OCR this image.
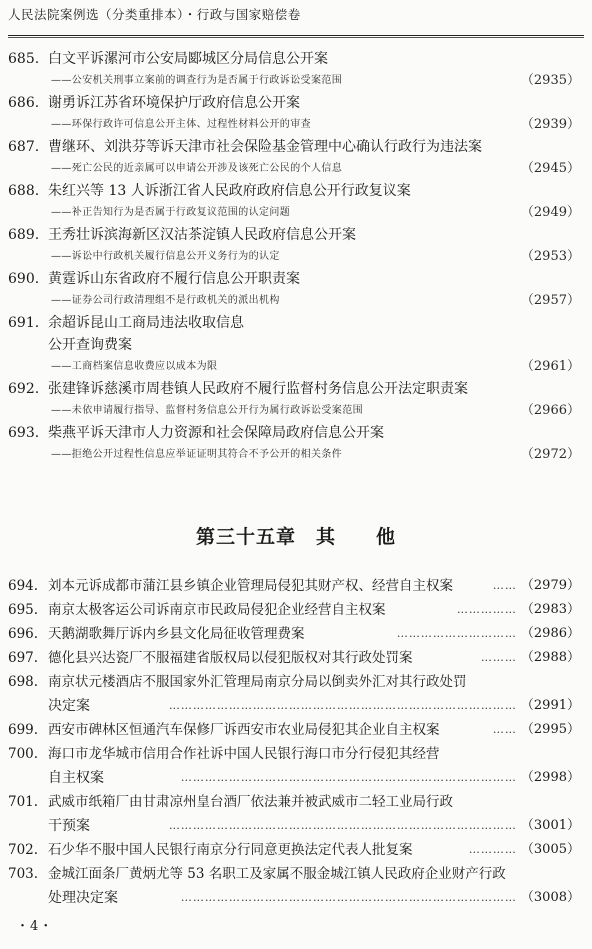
人民法院案例选（分类重排本）・行政与国家赔偿卷
685. 白文平诉漯河市公安局郾城区分局信息公开案
——公安机关刑事立案前的调查行为是否属于行政诉讼受案范围	（2935）
686. 谢勇诉江苏省环境保护厅政府信息公开案
——环保行政许可信息公开主体、过程性材料公开的审查	（2939）
687. 曹继环、刘洪芬等诉天津市社会保险基金管理中心确认行政行为违法案
——死亡公民的近亲属可以申请公开涉及该死亡公民的个人信息	（2945）
688. 朱红兴等 13 人诉浙江省人民政府政府信息公开行政复议案
——补正告知行为是否属于行政复议范围的认定问题	（2949）
689. 王秀壮诉滨海新区汉沽茶淀镇人民政府信息公开案
——诉讼中行政机关履行信息公开义务行为的认定	（2953）
690. 黄霆诉山东省政府不履行信息公开职责案
——证券公司行政清理组不是行政机关的派出机构	（2957）
691. 余超诉昆山工商局违法收取信息
公开查询费案
——工商档案信息收费应以成本为限	（2961）
692. 张建锋诉慈溪市周巷镇人民政府不履行监督村务信息公开法定职责案
——未依申请履行指导、监督村务信息公开行为属行政诉讼受案范围	（2966）
693. 柴燕平诉天津市人力资源和社会保障局政府信息公开案
——拒绝公开过程性信息应举证证明其符合不予公开的相关条件	（2972）
第三十五章　其　　他
694. 刘本元诉成都市蒲江县乡镇企业管理局侵犯其财产权、经营自主权案	…… （2979）
695. 南京太极客运公司诉南京市民政局侵犯企业经营自主权案	…………… （2983）
696. 天鹅湖歌舞厅诉内乡县文化局征收管理费案	………………………… （2986）
697. 德化县兴达瓷厂不服福建省版权局以侵犯版权对其行政处罚案	……… （2988）
698. 南京状元楼酒店不服国家外汇管理局南京分局以倒卖外汇对其行政处罚
决定案	…………………………………………………………………………… （2991）
699. 西安市碑林区恒通汽车保修厂诉西安市农业局侵犯其企业自主权案	…… （2995）
700. 海口市龙华城市信用合作社诉中国人民银行海口市分行侵犯其经营
自主权案	………………………………………………………………………… （2998）
701. 武威市纸箱厂由甘肃凉州皇台酒厂依法兼并被武威市二轻工业局行政
干预案	…………………………………………………………………………… （3001）
702. 石少华不服中国人民银行南京分行同意更换法定代表人批复案	………… （3005）
703. 金城江面条厂黄炳尤等 53 名职工及家属不服金城江镇人民政府企业财产行政
处理决定案	………………………………………………………………………… （3008）
・4・
